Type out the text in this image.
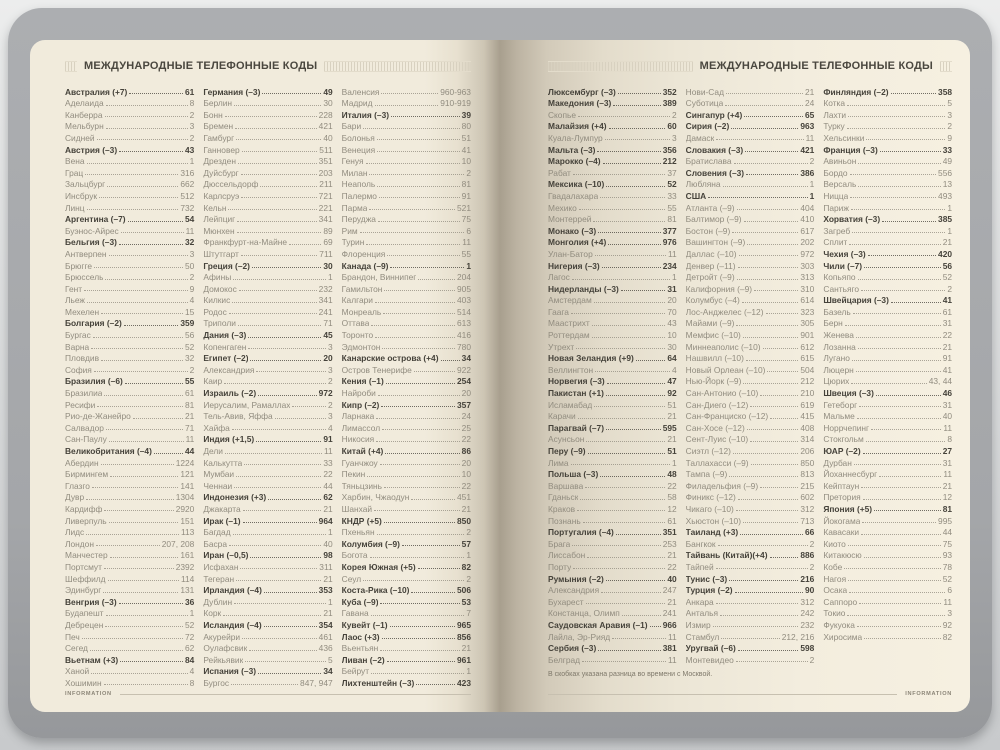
МЕЖДУНАРОДНЫЕ ТЕЛЕФОННЫЕ КОДЫ
Австралия (+7)	61
Аделаида	8
Канберра	2
Мельбурн	3
Сидней	2
Австрия (–3)	43
Вена	1
Грац	316
Зальцбург	662
Инсбрук	512
Линц	732
Аргентина (–7)	54
Буэнос-Айрес	11
Бельгия (–3)	32
Антверпен	3
Брюгге	50
Брюссель	2
Гент	9
Льеж	4
Мехелен	15
Болгария (–2)	359
Бургас	56
Варна	52
Пловдив	32
София	2
Бразилия (–6)	55
Бразилиа	61
Ресифи	81
Рио-де-Жанейро	21
Салвадор	71
Сан-Паулу	11
Великобритания (–4)	44
Абердин	1224
Бирмингем	121
Глазго	141
Дувр	1304
Кардифф	2920
Ливерпуль	151
Лидс	113
Лондон	207, 208
Манчестер	161
Портсмут	2392
Шеффилд	114
Эдинбург	131
Венгрия (–3)	36
Будапешт	1
Дебрецен	52
Печ	72
Сегед	62
Вьетнам (+3)	84
Ханой	4
Хошимин	8
Германия (–3)	49
Берлин	30
Бонн	228
Бремен	421
Гамбург	40
Ганновер	511
Дрезден	351
Дуйсбург	203
Дюссельдорф	211
Карлсруэ	721
Кельн	221
Лейпциг	341
Мюнхен	89
Франкфурт-на-Майне	69
Штутгарт	711
Греция (–2)	30
Афины	1
Домокос	232
Килкис	341
Родос	241
Триполи	71
Дания (–3)	45
Копенгаген	3
Египет (–2)	20
Александрия	3
Каир	2
Израиль (–2)	972
Иерусалим, Рамаллах	2
Тель-Авив, Яффа	3
Хайфа	4
Индия (+1,5)	91
Дели	11
Калькутта	33
Мумбаи	22
Ченнаи	44
Индонезия (+3)	62
Джакарта	21
Ирак (–1)	964
Багдад	1
Басра	40
Иран (–0,5)	98
Исфахан	311
Тегеран	21
Ирландия (–4)	353
Дублин	1
Корк	21
Исландия (–4)	354
Акурейри	461
Оулафсвик	436
Рейкьявик	5
Испания (–3)	34
Бургос	847, 947
Валенсия	960-963
Мадрид	910-919
Италия (–3)	39
Бари	80
Болонья	51
Венеция	41
Генуя	10
Милан	2
Неаполь	81
Палермо	91
Парма	521
Перуджа	75
Рим	6
Турин	11
Флоренция	55
Канада (–9)	1
Брандон, Виннипег	204
Гамильтон	905
Калгари	403
Монреаль	514
Оттава	613
Торонто	416
Эдмонтон	780
Канарские острова (+4)	34
Остров Тенерифе	922
Кения (–1)	254
Найроби	20
Кипр (–2)	357
Ларнака	24
Лимассол	25
Никосия	22
Китай (+4)	86
Гуанчжоу	20
Пекин	10
Тяньцзинь	22
Харбин, Чжаодун	451
Шанхай	21
КНДР (+5)	850
Пхеньян	2
Колумбия (–9)	57
Богота	1
Корея Южная (+5)	82
Сеул	2
Коста-Рика (–10)	506
Куба (–9)	53
Гавана	7
Кувейт (–1)	965
Лаос (+3)	856
Вьентьян	21
Ливан (–2)	961
Бейрут	1
Лихтенштейн (–3)	423
INFORMATION
МЕЖДУНАРОДНЫЕ ТЕЛЕФОННЫЕ КОДЫ
Люксембург (–3)	352
Македония (–3)	389
Скопье	2
Малайзия (+4)	60
Куала-Лумпур	3
Мальта (–3)	356
Марокко (–4)	212
Рабат	37
Мексика (–10)	52
Гвадалахара	33
Мехико	55
Монтеррей	81
Монако (–3)	377
Монголия (+4)	976
Улан-Батор	11
Нигерия (–3)	234
Лагос	1
Нидерланды (–3)	31
Амстердам	20
Гаага	70
Маастрихт	43
Роттердам	10
Утрехт	30
Новая Зеландия (+9)	64
Веллингтон	4
Норвегия (–3)	47
Пакистан (+1)	92
Исламабад	51
Карачи	21
Парагвай (–7)	595
Асунсьон	21
Перу (–9)	51
Лима	1
Польша (–3)	48
Варшава	22
Гданьск	58
Краков	12
Познань	61
Португалия (–4)	351
Брага	253
Лиссабон	21
Порту	22
Румыния (–2)	40
Александрия	247
Бухарест	21
Констанца, Олимп	241
Саудовская Аравия (–1) 966
Лайла, Эр-Рияд	11
Сербия (–3)	381
Белград	11
Нови-Сад	21
Суботица	24
Сингапур (+4)	65
Сирия (–2)	963
Дамаск	11
Словакия (–3)	421
Братислава	2
Словения (–3)	386
Любляна	1
США	1
Атланта (–9)	404
Балтимор (–9)	410
Бостон (–9)	617
Вашингтон (–9)	202
Даллас (–10)	972
Денвер (–11)	303
Детройт (–9)	313
Калифорния (–9)	310
Колумбус (–4)	614
Лос-Анджелес (–12)	323
Майами (–9)	305
Мемфис (–10)	901
Миннеаполис (–10)	612
Нашвилл (–10)	615
Новый Орлеан (–10)	504
Нью-Йорк (–9)	212
Сан-Антонио (–10)	210
Сан-Диего (–12)	619
Сан-Франциско (–12)	415
Сан-Хосе (–12)	408
Сент-Луис (–10)	314
Сиэтл (–12)	206
Таллахасси (–9)	850
Тампа (–9)	813
Филадельфия (–9)	215
Финикс (–12)	602
Чикаго (–10)	312
Хьюстон (–10)	713
Таиланд (+3)	66
Бангкок	2
Тайвань (Китай)(+4)	886
Тайпей	2
Тунис (–3)	216
Турция (–2)	90
Анкара	312
Анталья	242
Измир	232
Стамбул	212, 216
Уругвай (–6)	598
Монтевидео	2
Финляндия (–2)	358
Котка	5
Лахти	3
Турку	2
Хельсинки	9
Франция (–3)	33
Авиньон	49
Бордо	556
Версаль	13
Ницца	493
Париж	1
Хорватия (–3)	385
Загреб	1
Сплит	21
Чехия (–3)	420
Чили (–7)	56
Копьяпо	52
Сантьяго	2
Швейцария (–3)	41
Базель	61
Берн	31
Женева	22
Лозанна	21
Лугано	91
Люцерн	41
Цюрих	43, 44
Швеция (–3)	46
Гетеборг	31
Мальме	40
Норрчепинг	11
Стокгольм	8
ЮАР (–2)	27
Дурбан	31
Йоханнесбург	11
Кейптаун	21
Претория	12
Япония (+5)	81
Йокогама	995
Кавасаки	44
Киото	75
Китакюсю	93
Кобе	78
Нагоя	52
Осака	6
Саппоро	11
Токио	3
Фукуока	92
Хиросима	82
В скобках указана разница во времени с Москвой.
INFORMATION
